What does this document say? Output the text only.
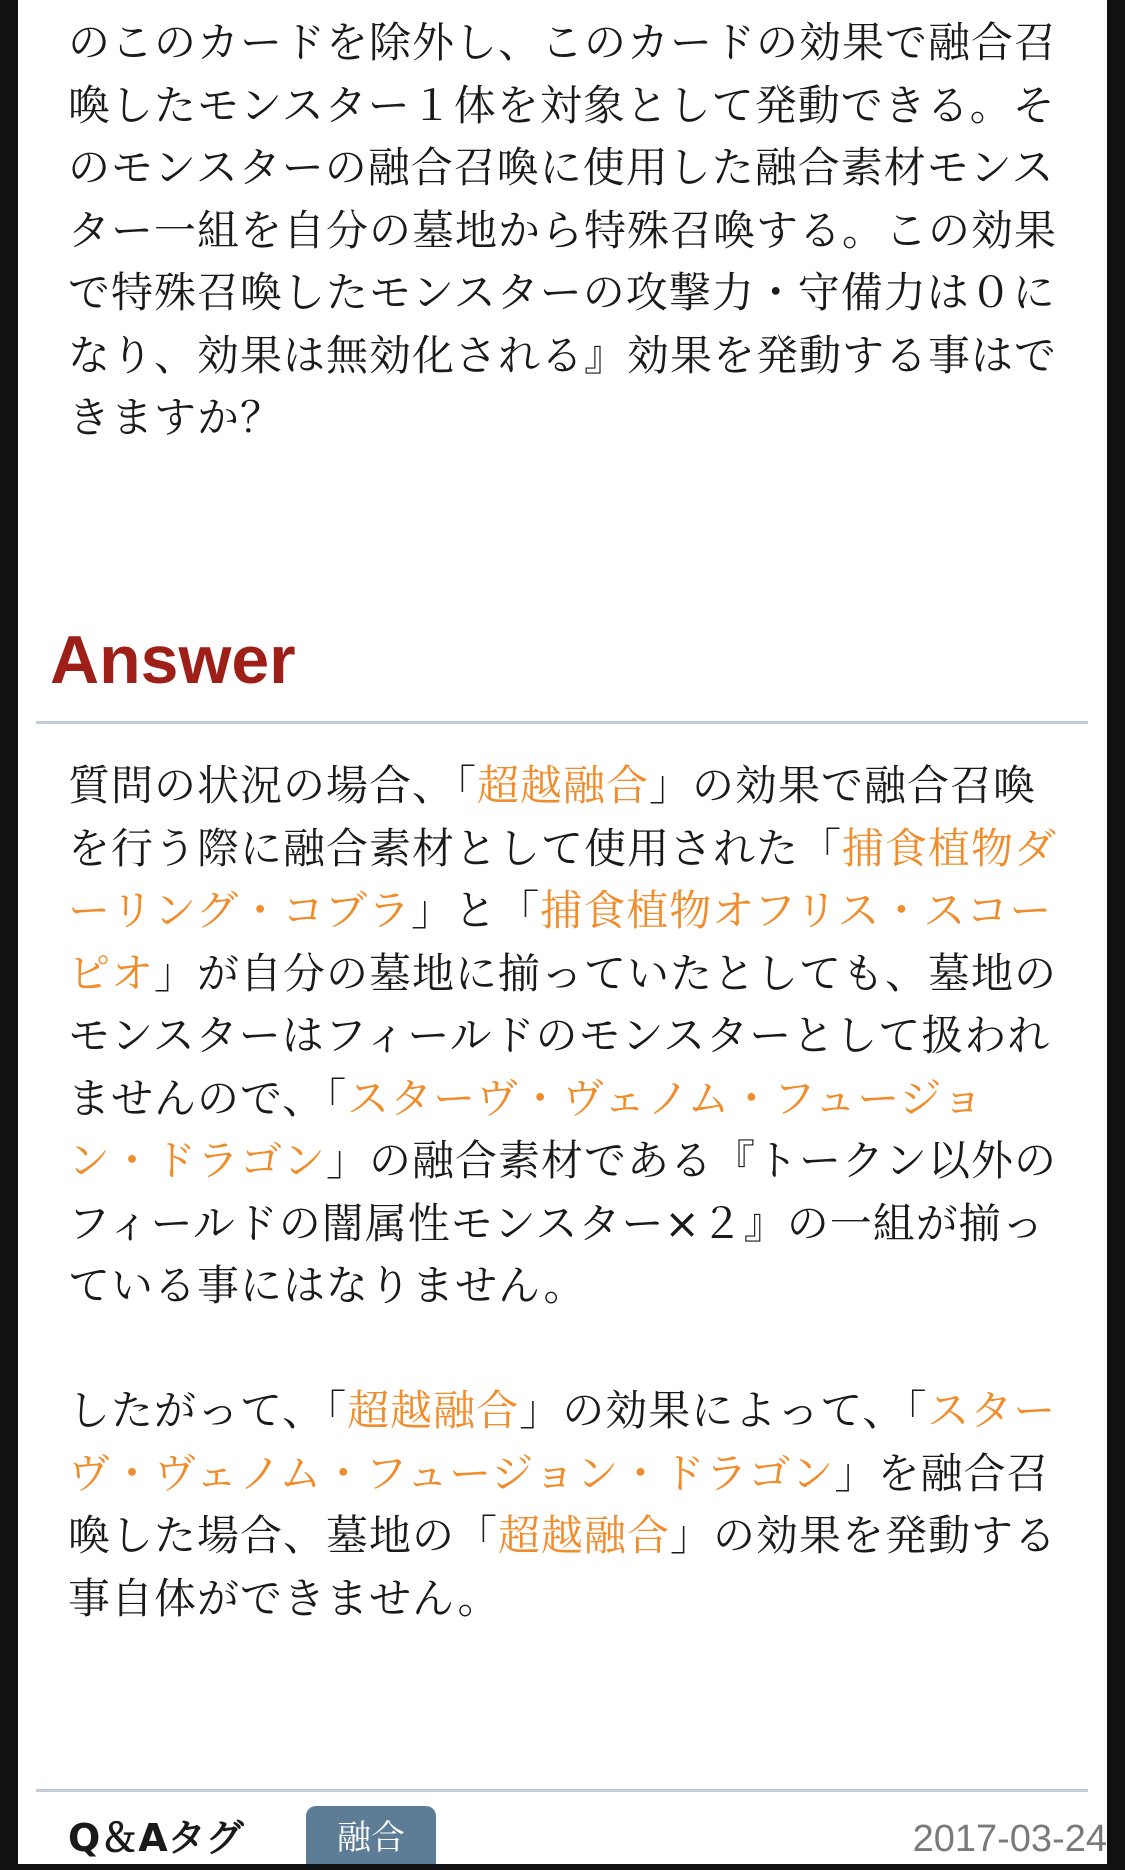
のこのカードを除外し、このカードの効果で融合召喚したモンスター１体を対象として発動できる。そのモンスターの融合召喚に使用した融合素材モンスター一組を自分の墓地から特殊召喚する。この効果で特殊召喚したモンスターの攻撃力・守備力は０になり、効果は無効化される』効果を発動する事はできますか？

Answer

質問の状況の場合、「超越融合」の効果で融合召喚を行う際に融合素材として使用された「捕食植物ダーリング・コブラ」と「捕食植物オフリス・スコーピオ」が自分の墓地に揃っていたとしても、墓地のモンスターはフィールドのモンスターとして扱われませんので、「スターヴ・ヴェノム・フュージョン・ドラゴン」の融合素材である『トークン以外のフィールドの闇属性モンスター×２』の一組が揃っている事にはなりません。

したがって、「超越融合」の効果によって、「スターヴ・ヴェノム・フュージョン・ドラゴン」を融合召喚した場合、墓地の「超越融合」の効果を発動する事自体ができません。

Q＆Aタグ	融合	2017-03-24
